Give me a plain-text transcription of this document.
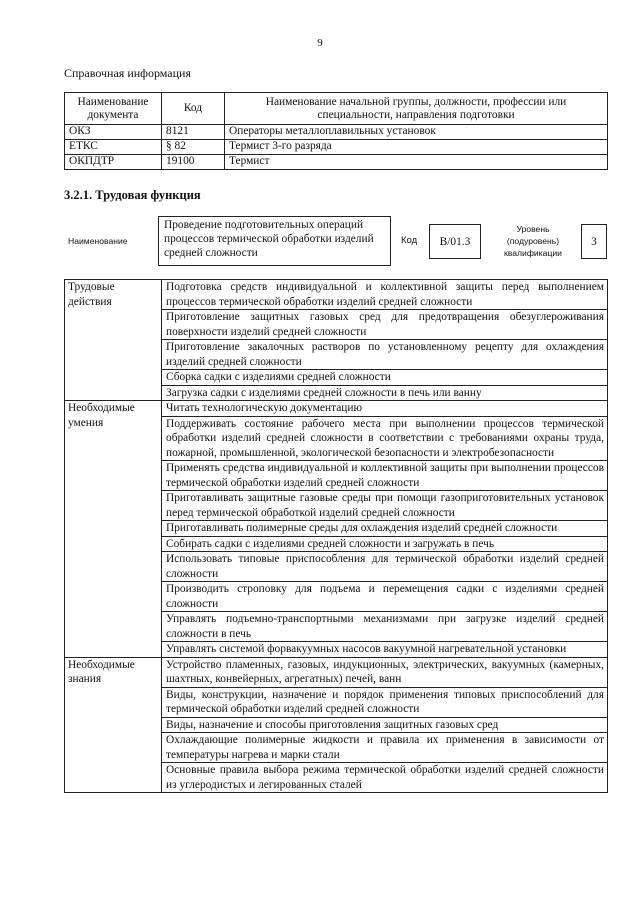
9
Справочная информация
Наименование документа	Код	Наименование начальной группы, должности, профессии или специальности, направления подготовки
ОКЗ	8121	Операторы металлоплавильных установок
ЕТКС	§ 82	Термист 3-го разряда
ОКПДТР	19100	Термист
3.2.1. Трудовая функция
Наименование
Проведение подготовительных операций процессов термической обработки изделий средней сложности
Код	В/01.3
Уровень (подуровень) квалификации
3
Трудовые действия	Подготовка средств индивидуальной и коллективной защиты перед выполнением процессов термической обработки изделий средней сложности
	Приготовление защитных газовых сред для предотвращения обезуглероживания поверхности изделий средней сложности
	Приготовление закалочных растворов по установленному рецепту для охлаждения изделий средней сложности
	Сборка садки с изделиями средней сложности
	Загрузка садки с изделиями средней сложности в печь или ванну
Необходимые умения	Читать технологическую документацию
	Поддерживать состояние рабочего места при выполнении процессов термической обработки изделий средней сложности в соответствии с требованиями охраны труда, пожарной, промышленной, экологической безопасности и электробезопасности
	Применять средства индивидуальной и коллективной защиты при выполнении процессов термической обработки изделий средней сложности
	Приготавливать защитные газовые среды при помощи газоприготовительных установок перед термической обработкой изделий средней сложности
	Приготавливать полимерные среды для охлаждения изделий средней сложности
	Собирать садки с изделиями средней сложности и загружать в печь
	Использовать типовые приспособления для термической обработки изделий средней сложности
	Производить строповку для подъема и перемещения садки с изделиями средней сложности
	Управлять подъемно-транспортными механизмами при загрузке изделий средней сложности в печь
	Управлять системой форвакуумных насосов вакуумной нагревательной установки
Необходимые знания	Устройство пламенных, газовых, индукционных, электрических, вакуумных (камерных, шахтных, конвейерных, агрегатных) печей, ванн
	Виды, конструкции, назначение и порядок применения типовых приспособлений для термической обработки изделий средней сложности
	Виды, назначение и способы приготовления защитных газовых сред
	Охлаждающие полимерные жидкости и правила их применения в зависимости от температуры нагрева и марки стали
	Основные правила выбора режима термической обработки изделий средней сложности из углеродистых и легированных сталей
